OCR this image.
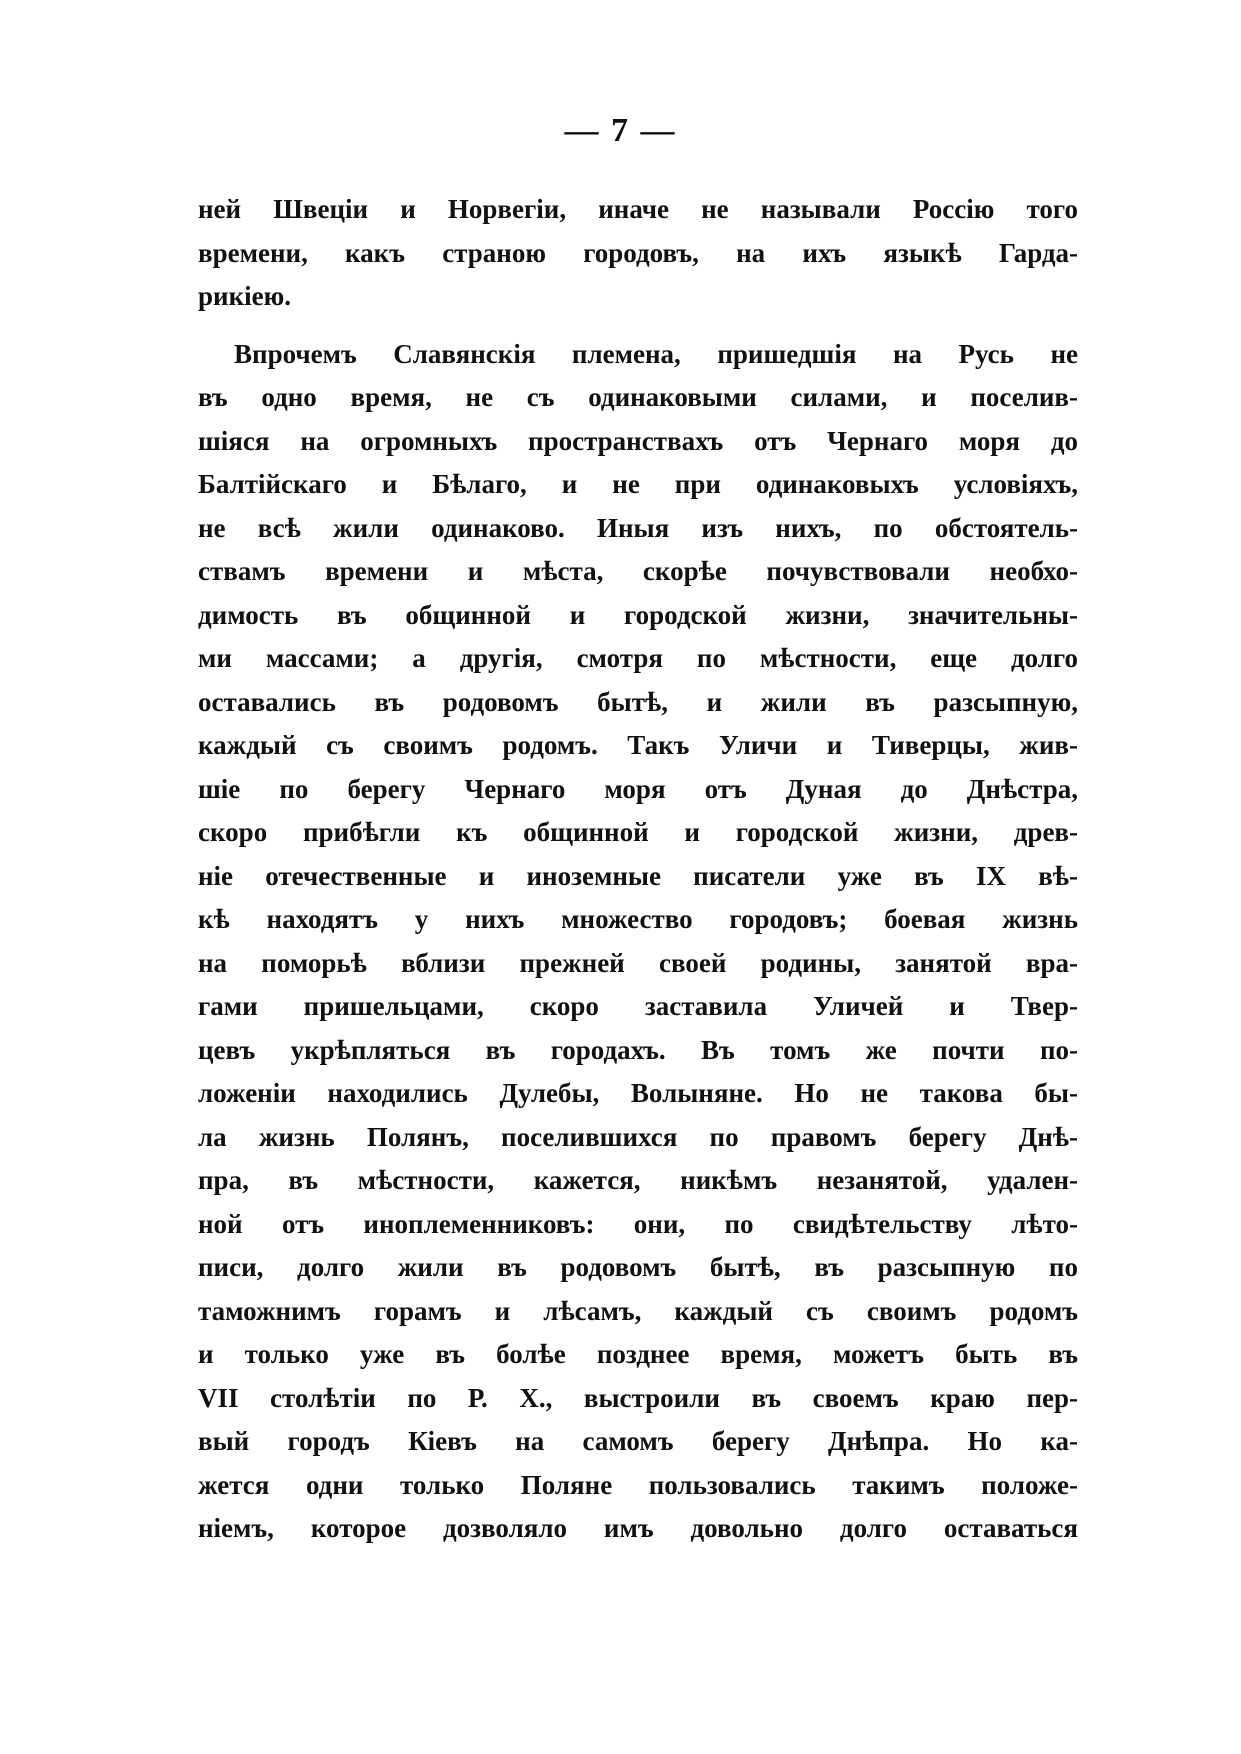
— 7 —
ней Швеціи и Норвегіи, иначе не называли Россію того
времени, какъ страною городовъ, на ихъ языкѣ Гардa-
рикіею.
Впрочемъ Славянскія племена, пришедшія на Русь не
въ одно время, не съ одинаковыми силами, и поселив-
шіяся на огромныхъ пространствахъ отъ Чернаго моря до
Балтійскаго и Бѣлаго, и не при одинаковыхъ условіяхъ,
не всѣ жили одинаково. Иныя изъ нихъ, по обстоятель-
ствамъ времени и мѣста, скорѣе почувствовали необхо-
димость въ общинной и городской жизни, значительны-
ми массами; а другія, смотря по мѣстности, еще долго
оставались въ родовомъ бытѣ, и жили въ разсыпную,
каждый съ своимъ родомъ. Такъ Уличи и Тиверцы, жив-
шіе по берегу Чернаго моря отъ Дуная до Днѣстра,
скоро прибѣгли къ общинной и городской жизни, древ-
ніе отечественные и иноземные писатели уже въ IX вѣ-
кѣ находятъ у нихъ множество городовъ; боевая жизнь
на поморьѣ вблизи прежней своей родины, занятой вра-
гами пришельцами, скоро заставила Уличей и Твер-
цевъ укрѣпляться въ городахъ. Въ томъ же почти по-
ложеніи находились Дулебы, Волыняне. Но не такова бы-
ла жизнь Полянъ, поселившихся по правомъ берегу Днѣ-
пра, въ мѣстности, кажется, никѣмъ незанятой, удален-
ной отъ иноплеменниковъ: они, по свидѣтельству лѣто-
писи, долго жили въ родовомъ бытѣ, въ разсыпную по
таможнимъ горамъ и лѣсамъ, каждый съ своимъ родомъ
и только уже въ болѣе позднее время, можетъ быть въ
VII столѣтіи по Р. Х., выстроили въ своемъ краю пер-
вый городъ Кіевъ на самомъ берегу Днѣпра. Но ка-
жется одни только Поляне пользовались такимъ положе-
ніемъ, которое дозволяло имъ довольно долго оставаться
